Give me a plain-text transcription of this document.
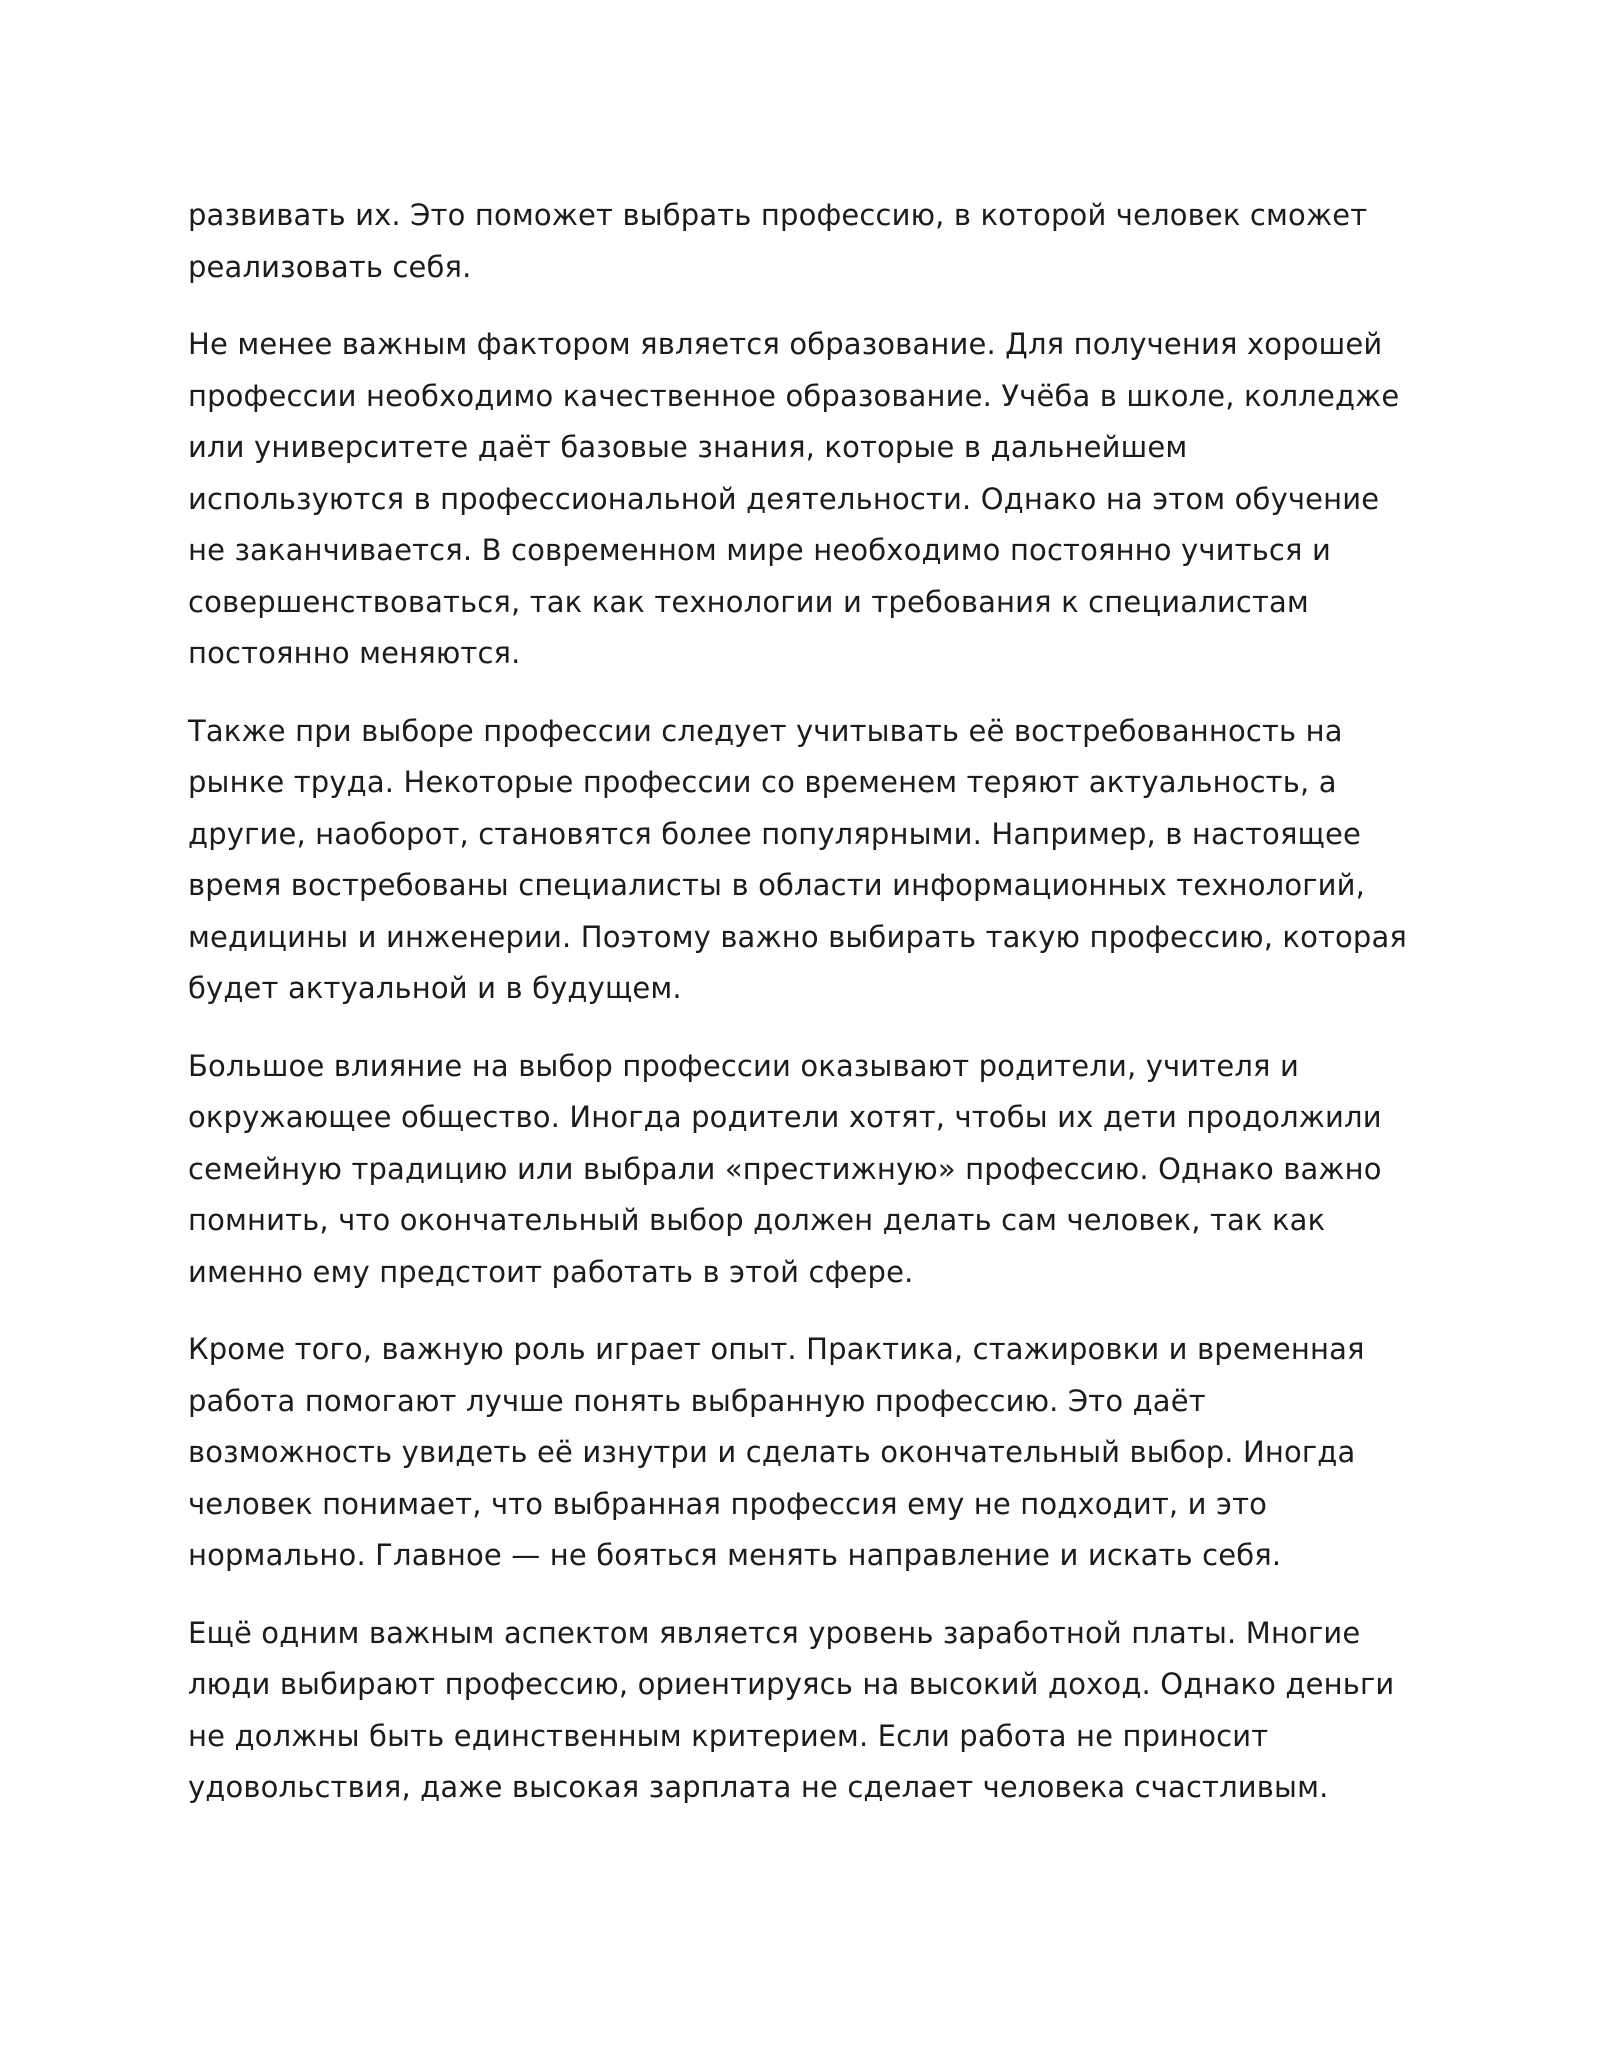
развивать их. Это поможет выбрать профессию, в которой человек сможет реализовать себя.

Не менее важным фактором является образование. Для получения хорошей профессии необходимо качественное образование. Учёба в школе, колледже или университете даёт базовые знания, которые в дальнейшем используются в профессиональной деятельности. Однако на этом обучение не заканчивается. В современном мире необходимо постоянно учиться и совершенствоваться, так как технологии и требования к специалистам постоянно меняются.

Также при выборе профессии следует учитывать её востребованность на рынке труда. Некоторые профессии со временем теряют актуальность, а другие, наоборот, становятся более популярными. Например, в настоящее время востребованы специалисты в области информационных технологий, медицины и инженерии. Поэтому важно выбирать такую профессию, которая будет актуальной и в будущем.

Большое влияние на выбор профессии оказывают родители, учителя и окружающее общество. Иногда родители хотят, чтобы их дети продолжили семейную традицию или выбрали «престижную» профессию. Однако важно помнить, что окончательный выбор должен делать сам человек, так как именно ему предстоит работать в этой сфере.

Кроме того, важную роль играет опыт. Практика, стажировки и временная работа помогают лучше понять выбранную профессию. Это даёт возможность увидеть её изнутри и сделать окончательный выбор. Иногда человек понимает, что выбранная профессия ему не подходит, и это нормально. Главное — не бояться менять направление и искать себя.

Ещё одним важным аспектом является уровень заработной платы. Многие люди выбирают профессию, ориентируясь на высокий доход. Однако деньги не должны быть единственным критерием. Если работа не приносит удовольствия, даже высокая зарплата не сделает человека счастливым.
